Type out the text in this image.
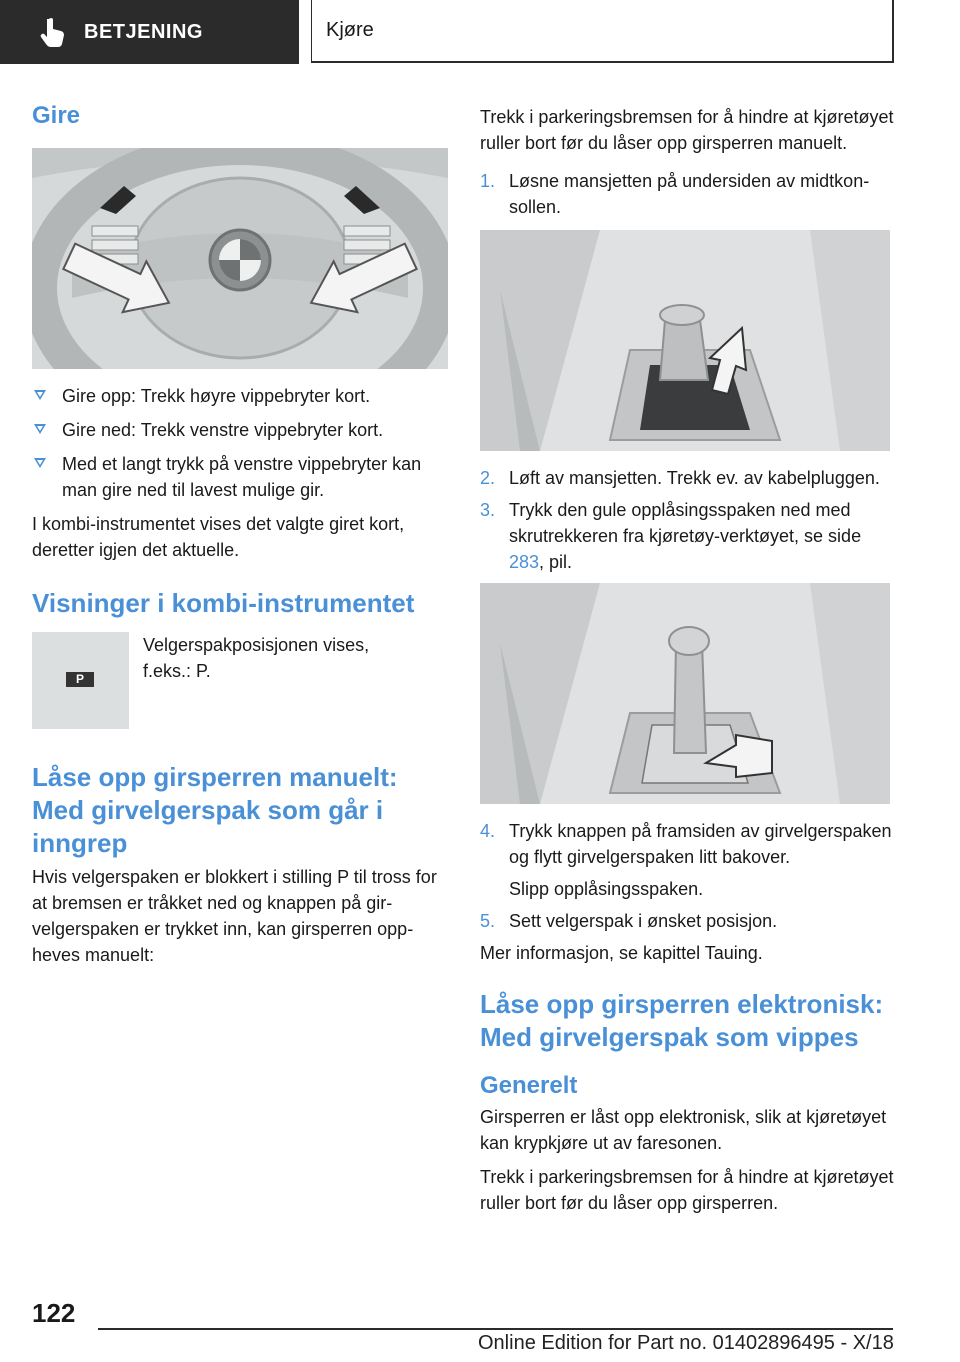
BETJENING	Kjøre
Gire
Gire opp: Trekk høyre vippebryter kort.
Gire ned: Trekk venstre vippebryter kort.
Med et langt trykk på venstre vippebryter kan man gire ned til lavest mulige gir.

I kombi-instrumentet vises det valgte giret kort, deretter igjen det aktuelle.

Visninger i kombi-instrumentet
P

Velgerspakposisjonen vises, f.eks.: P.

Låse opp girsperren manuelt: Med girvelgerspak som går i inngrep

Hvis velgerspaken er blokkert i stilling P til tross for at bremsen er tråkket ned og knappen på girvelgerspaken er trykket inn, kan girsperren oppheves manuelt:

Trekk i parkeringsbremsen for å hindre at kjøretøyet ruller bort før du låser opp girsperren manuelt.

1. Løsne mansjetten på undersiden av midtkonsollen.
2. Løft av mansjetten. Trekk ev. av kabelpluggen.
3. Trykk den gule opplåsingsspaken ned med skrutrekkeren fra kjøretøy-verktøyet, se side 283, pil.
4. Trykk knappen på framsiden av girvelgerspaken og flytt girvelgerspaken litt bakover.
Slipp opplåsingsspaken.
5. Sett velgerspak i ønsket posisjon.

Mer informasjon, se kapittel Tauing.

Låse opp girsperren elektronisk: Med girvelgerspak som vippes
Generelt

Girsperren er låst opp elektronisk, slik at kjøretøyet kan krypkjøre ut av faresonen.

Trekk i parkeringsbremsen for å hindre at kjøretøyet ruller bort før du låser opp girsperren.

122
Online Edition for Part no. 01402896495 - X/18
